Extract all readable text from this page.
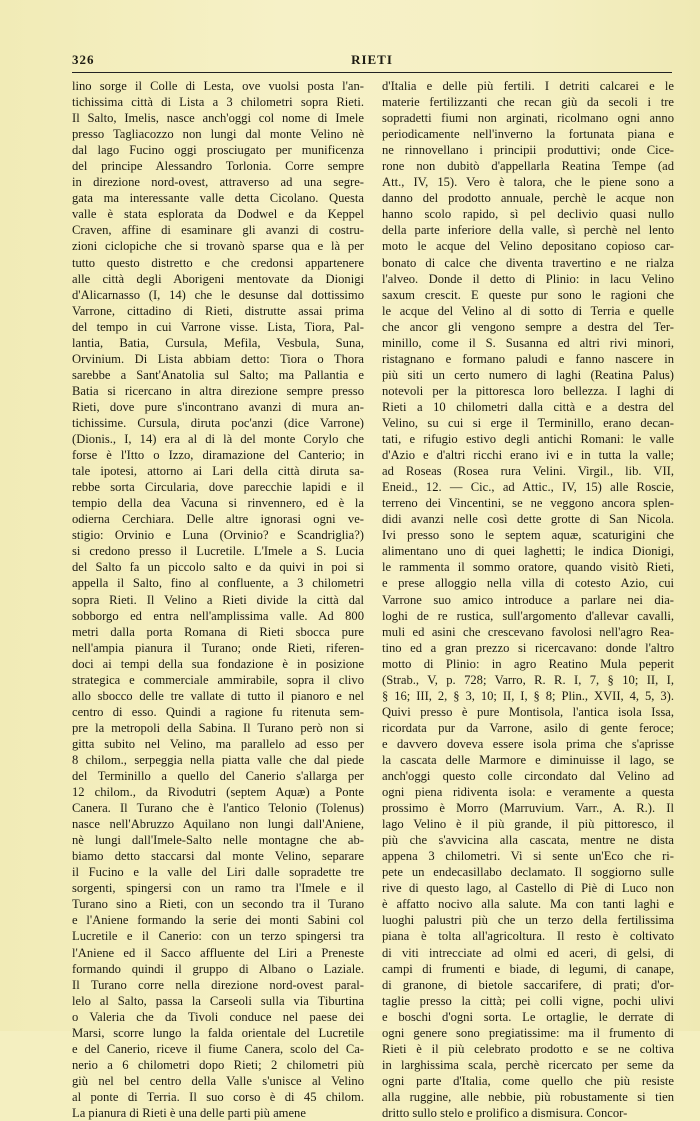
326	RIETI
lino sorge il Colle di Lesta, ove vuolsi posta l'an-
tichissima città di Lista a 3 chilometri sopra Rieti.
Il Salto, Imelis, nasce anch'oggi col nome di Imele
presso Tagliacozzo non lungi dal monte Velino nè
dal lago Fucino oggi prosciugato per munificenza
del principe Alessandro Torlonia. Corre sempre
in direzione nord-ovest, attraverso ad una segre-
gata ma interessante valle detta Cicolano. Questa
valle è stata esplorata da Dodwel e da Keppel
Craven, affine di esaminare gli avanzi di costru-
zioni ciclopiche che si trovanò sparse qua e là per
tutto questo distretto e che credonsi appartenere
alle città degli Aborigeni mentovate da Dionigi
d'Alicarnasso (I, 14) che le desunse dal dottissimo
Varrone, cittadino di Rieti, distrutte assai prima
del tempo in cui Varrone visse. Lista, Tiora, Pal-
lantia, Batia, Cursula, Mefila, Vesbula, Suna,
Orvinium. Di Lista abbiam detto: Tiora o Thora
sarebbe a Sant'Anatolia sul Salto; ma Pallantia e
Batia si ricercano in altra direzione sempre presso
Rieti, dove pure s'incontrano avanzi di mura an-
tichissime. Cursula, diruta poc'anzi (dice Varrone)
(Dionis., I, 14) era al di là del monte Corylo che
forse è l'Itto o Izzo, diramazione del Canterio; in
tale ipotesi, attorno ai Lari della città diruta sa-
rebbe sorta Circularia, dove parecchie lapidi e il
tempio della dea Vacuna si rinvennero, ed è la
odierna Cerchiara. Delle altre ignorasi ogni ve-
stigio: Orvinio e Luna (Orvinio? e Scandriglia?)
si credono presso il Lucretile. L'Imele a S. Lucia
del Salto fa un piccolo salto e da quivi in poi si
appella il Salto, fino al confluente, a 3 chilometri
sopra Rieti. Il Velino a Rieti divide la città dal
sobborgo ed entra nell'amplissima valle. Ad 800
metri dalla porta Romana di Rieti sbocca pure
nell'ampia pianura il Turano; onde Rieti, riferen-
doci ai tempi della sua fondazione è in posizione
strategica e commerciale ammirabile, sopra il clivo
allo sbocco delle tre vallate di tutto il pianoro e nel
centro di esso. Quindi a ragione fu ritenuta sem-
pre la metropoli della Sabina. Il Turano però non si
gitta subito nel Velino, ma parallelo ad esso per
8 chilom., serpeggia nella piatta valle che dal piede
del Terminillo a quello del Canerio s'allarga per
12 chilom., da Rivodutri (septem Aquæ) a Ponte
Canera. Il Turano che è l'antico Telonio (Tolenus)
nasce nell'Abruzzo Aquilano non lungi dall'Aniene,
nè lungi dall'Imele-Salto nelle montagne che ab-
biamo detto staccarsi dal monte Velino, separare
il Fucino e la valle del Liri dalle sopradette tre
sorgenti, spingersi con un ramo tra l'Imele e il
Turano sino a Rieti, con un secondo tra il Turano
e l'Aniene formando la serie dei monti Sabini col
Lucretile e il Canerio: con un terzo spingersi tra
l'Aniene ed il Sacco affluente del Liri a Preneste
formando quindi il gruppo di Albano o Laziale.
Il Turano corre nella direzione nord-ovest paral-
lelo al Salto, passa la Carseoli sulla via Tiburtina
o Valeria che da Tivoli conduce nel paese dei
Marsi, scorre lungo la falda orientale del Lucretile
e del Canerio, riceve il fiume Canera, scolo del Ca-
nerio a 6 chilometri dopo Rieti; 2 chilometri più
giù nel bel centro della Valle s'unisce al Velino
al ponte di Terria. Il suo corso è di 45 chilom.
La pianura di Rieti è una delle parti più amene
d'Italia e delle più fertili. I detriti calcarei e le
materie fertilizzanti che recan giù da secoli i tre
sopradetti fiumi non arginati, ricolmano ogni anno
periodicamente nell'inverno la fortunata piana e
ne rinnovellano i principii produttivi; onde Cice-
rone non dubitò d'appellarla Reatina Tempe (ad
Att., IV, 15). Vero è talora, che le piene sono a
danno del prodotto annuale, perchè le acque non
hanno scolo rapido, sì pel declivio quasi nullo
della parte inferiore della valle, sì perchè nel lento
moto le acque del Velino depositano copioso car-
bonato di calce che diventa travertino e ne rialza
l'alveo. Donde il detto di Plinio: in lacu Velino
saxum crescit. E queste pur sono le ragioni che
le acque del Velino al di sotto di Terria e quelle
che ancor gli vengono sempre a destra del Ter-
minillo, come il S. Susanna ed altri rivi minori,
ristagnano e formano paludi e fanno nascere in
più siti un certo numero di laghi (Reatina Palus)
notevoli per la pittoresca loro bellezza. I laghi di
Rieti a 10 chilometri dalla città e a destra del
Velino, su cui si erge il Terminillo, erano decan-
tati, e rifugio estivo degli antichi Romani: le valle
d'Azio e d'altri ricchi erano ivi e in tutta la valle;
ad Roseas (Rosea rura Velini. Virgil., lib. VII,
Eneid., 12. — Cic., ad Attic., IV, 15) alle Roscie,
terreno dei Vincentini, se ne veggono ancora splen-
didi avanzi nelle così dette grotte di San Nicola.
Ivi presso sono le septem aquæ, scaturigini che
alimentano uno di quei laghetti; le indica Dionigi,
le rammenta il sommo oratore, quando visitò Rieti,
e prese alloggio nella villa di cotesto Azio, cui
Varrone suo amico introduce a parlare nei dia-
loghi de re rustica, sull'argomento d'allevar cavalli,
muli ed asini che crescevano favolosi nell'agro Rea-
tino ed a gran prezzo si ricercavano: donde l'altro
motto di Plinio: in agro Reatino Mula peperit
(Strab., V, p. 728; Varro, R. R. I, 7, § 10; II, I,
§ 16; III, 2, § 3, 10; II, I, § 8; Plin., XVII, 4, 5, 3).
Quivi presso è pure Montisola, l'antica isola Issa,
ricordata pur da Varrone, asilo di gente feroce;
e davvero doveva essere isola prima che s'aprisse
la cascata delle Marmore e diminuisse il lago, se
anch'oggi questo colle circondato dal Velino ad
ogni piena ridiventa isola: e veramente a questa
prossimo è Morro (Marruvium. Varr., A. R.). Il
lago Velino è il più grande, il più pittoresco, il
più che s'avvicina alla cascata, mentre ne dista
appena 3 chilometri. Vi si sente un'Eco che ri-
pete un endecasillabo declamato. Il soggiorno sulle
rive di questo lago, al Castello di Piè di Luco non
è affatto nocivo alla salute. Ma con tanti laghi e
luoghi palustri più che un terzo della fertilissima
piana è tolta all'agricoltura. Il resto è coltivato
di viti intrecciate ad olmi ed aceri, di gelsi, di
campi di frumenti e biade, di legumi, di canape,
di granone, di bietole saccarifere, di prati; d'or-
taglie presso la città; pei colli vigne, pochi ulivi
e boschi d'ogni sorta. Le ortaglie, le derrate di
ogni genere sono pregiatissime: ma il frumento di
Rieti è il più celebrato prodotto e se ne coltiva
in larghissima scala, perchè ricercato per seme da
ogni parte d'Italia, come quello che più resiste
alla ruggine, alle nebbie, più robustamente si tien
dritto sullo stelo e prolifico a dismisura. Concor-
